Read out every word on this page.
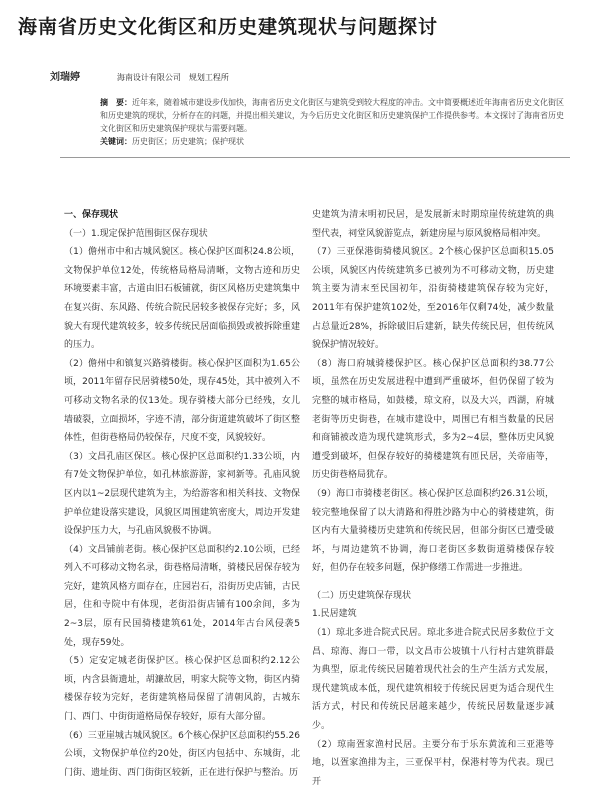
海南省历史文化街区和历史建筑现状与问题探讨
刘瑞婷	海南设计有限公司　规划工程所
摘　要：近年来，随着城市建设步伐加快，海南省历史文化街区与建筑受到较大程度的冲击。文中简要概述近年海南省历史文化街区和历史建筑的现状，分析存在的问题，并提出相关建议，为今后历史文化街区和历史建筑保护工作提供参考。本文探讨了海南省历史文化街区和历史建筑保护现状与需要问题。
关键词：历史街区；历史建筑；保护现状

一、保存现状

（一）1.现定保护范围街区保存现状

（1）儋州市中和古城风貌区。核心保护区面积24.8公顷，文物保护单位12处，传统格局格局清晰，文物古迹和历史环境要素丰富，古道由旧石板铺就，街区风格历史建筑集中在复兴街、东风路、传统合院民居较多被保存完好；多，风貌大有现代建筑较多，较多传统民居面临损毁或被拆除重建的压力。

（2）儋州中和镇复兴路骑楼街。核心保护区面积为1.65公顷，2011年留存民居骑楼50处，现存45处，其中被列入不可移动文物名录的仅13处。现存骑楼大部分已经残，女儿墙破裂，立面损坏，字迹不清，部分街道建筑破坏了街区整体性，但街巷格局仍较保存，尺度不变，风貌较好。

（3）文昌孔庙区保区。核心保护区总面积约1.33公顷，内有7处文物保护单位，如孔林旅游游，家祠新等。孔庙风貌区内以1~2层现代建筑为主，为给游客和相关科技、文物保护单位建设落实建设，风貌区周围建筑密度大，周边开发建设保护压力大，与孔庙风貌极不协调。

（4）文昌铺前老街。核心保护区总面积约2.10公顷，已经列入不可移动文物名录，街巷格局清晰，骑楼民居保存较为完好，建筑风格方面存在，庄园岩石，沿街历史店铺，古民居，住和寺院中有体现，老街沿街店铺有100余间，多为2~3层，原有民国骑楼建筑61处，2014年古台风侵袭5处，现存59处。

（5）定安定城老街保护区。核心保护区总面积约2.12公顷，内含县衙遗址，胡濂故居，明家大院等文物，街区内骑楼保存较为完好，老街建筑格局保留了清朝风韵，古城东门、西门、中街街道格局保存较好，原有大部分留。

（6）三亚崖城古城风貌区。6个核心保护区总面积约55.26公顷，文物保护单位约20处，街区内包括中、东城街，北门街、遗址街、西门街街区较新，正在进行保护与整治。历

史建筑为清末明初民居，是发展新末时期琼崖传统建筑的典型代表，祠堂风貌游览点，新建房屋与原风貌格局相冲突。

（7）三亚保港街骑楼风貌区。2个核心保护区总面积15.05公顷，风貌区内传统建筑多已被列为不可移动文物，历史建筑主要为清末至民国初年，沿街骑楼建筑保存较为完好，2011年有保护建筑102处，至2016年仅剩74处，减少数量占总量近28%，拆除破旧后建新，缺失传统民居，但传统风貌保护情况较好。

（8）海口府城骑楼保护区。核心保护区总面积约38.77公顷，虽然在历史发展进程中遭到严重破坏，但仍保留了较为完整的城市格局，如鼓楼，琼文府，以及大兴，西湖，府城老街等历史街巷，在城市建设中，周围已有相当数量的民居和商铺被改造为现代建筑形式，多为2~4层，整体历史风貌遭受到破坏，但保存较好的骑楼建筑有匝民居，关帝庙等，历史街巷格局犹存。

（9）海口市骑楼老街区。核心保护区总面积约26.31公顷，较完整地保留了以大清路和得胜沙路为中心的骑楼建筑，街区内有大量骑楼历史建筑和传统民居，但部分街区已遭受破坏，与周边建筑不协调，海口老街区多数街道骑楼保存较好，但仍存在较多问题，保护修缮工作需进一步推进。

（二）历史建筑保存现状

1.民居建筑

（1）琼北多进合院式民居。琼北多进合院式民居多数位于文昌、琼海、海口一带，以文昌市公坡镇十八行村古建筑群最为典型，原北传统民居随着现代社会的生产生活方式发展，现代建筑成本低，现代建筑相较于传统民居更为适合现代生活方式，村民和传统民居越来越少，传统民居数量逐步减少。

（2）琼南疍家渔村民居。主要分布于乐东黄流和三亚港等地，以疍家渔排为主，三亚保平村，保港村等为代表。现已开
